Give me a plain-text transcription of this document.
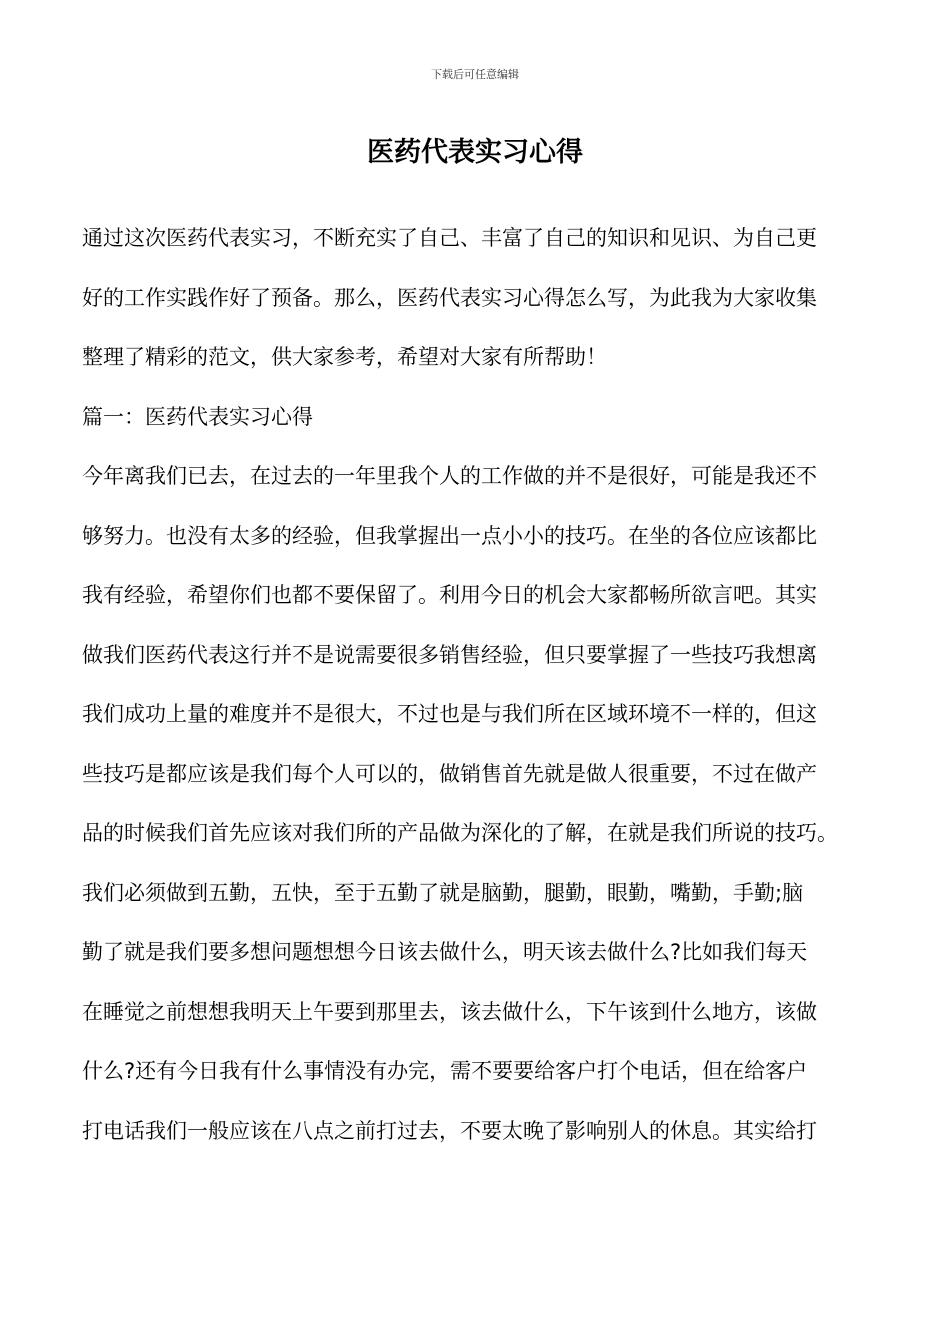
下载后可任意编辑
医药代表实习心得
通过这次医药代表实习，不断充实了自己、丰富了自己的知识和见识、为自己更
好的工作实践作好了预备。那么，医药代表实习心得怎么写，为此我为大家收集
整理了精彩的范文，供大家参考，希望对大家有所帮助！
篇一：医药代表实习心得
今年离我们已去，在过去的一年里我个人的工作做的并不是很好，可能是我还不
够努力。也没有太多的经验，但我掌握出一点小小的技巧。在坐的各位应该都比
我有经验，希望你们也都不要保留了。利用今日的机会大家都畅所欲言吧。其实
做我们医药代表这行并不是说需要很多销售经验，但只要掌握了一些技巧我想离
我们成功上量的难度并不是很大，不过也是与我们所在区域环境不一样的，但这
些技巧是都应该是我们每个人可以的，做销售首先就是做人很重要，不过在做产
品的时候我们首先应该对我们所的产品做为深化的了解，在就是我们所说的技巧。
我们必须做到五勤，五快，至于五勤了就是脑勤，腿勤，眼勤，嘴勤，手勤;脑
勤了就是我们要多想问题想想今日该去做什么，明天该去做什么?比如我们每天
在睡觉之前想想我明天上午要到那里去，该去做什么，下午该到什么地方，该做
什么?还有今日我有什么事情没有办完，需不要要给客户打个电话，但在给客户
打电话我们一般应该在八点之前打过去，不要太晚了影响别人的休息。其实给打
